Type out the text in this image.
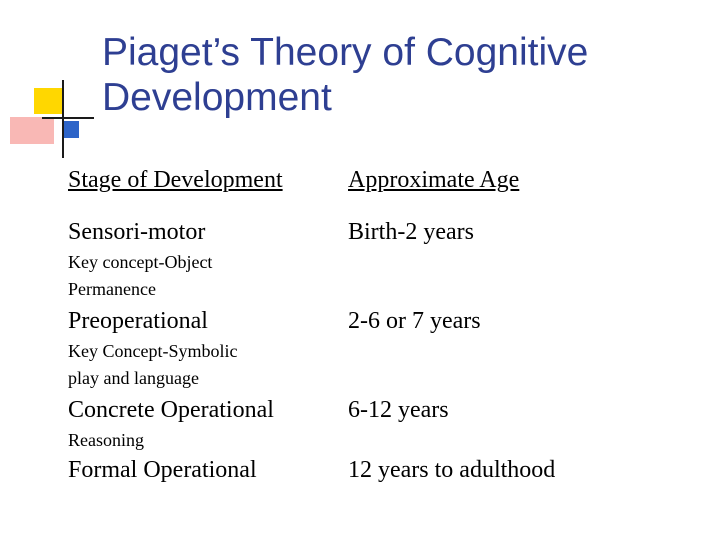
Piaget’s Theory of Cognitive
Development
Stage of Development	Approximate Age
Sensori-motor	Birth-2 years
Key concept-Object
Permanence
Preoperational	2-6 or 7 years
Key Concept-Symbolic
play and language
Concrete Operational	6-12 years
Reasoning
Formal Operational	12 years to adulthood
